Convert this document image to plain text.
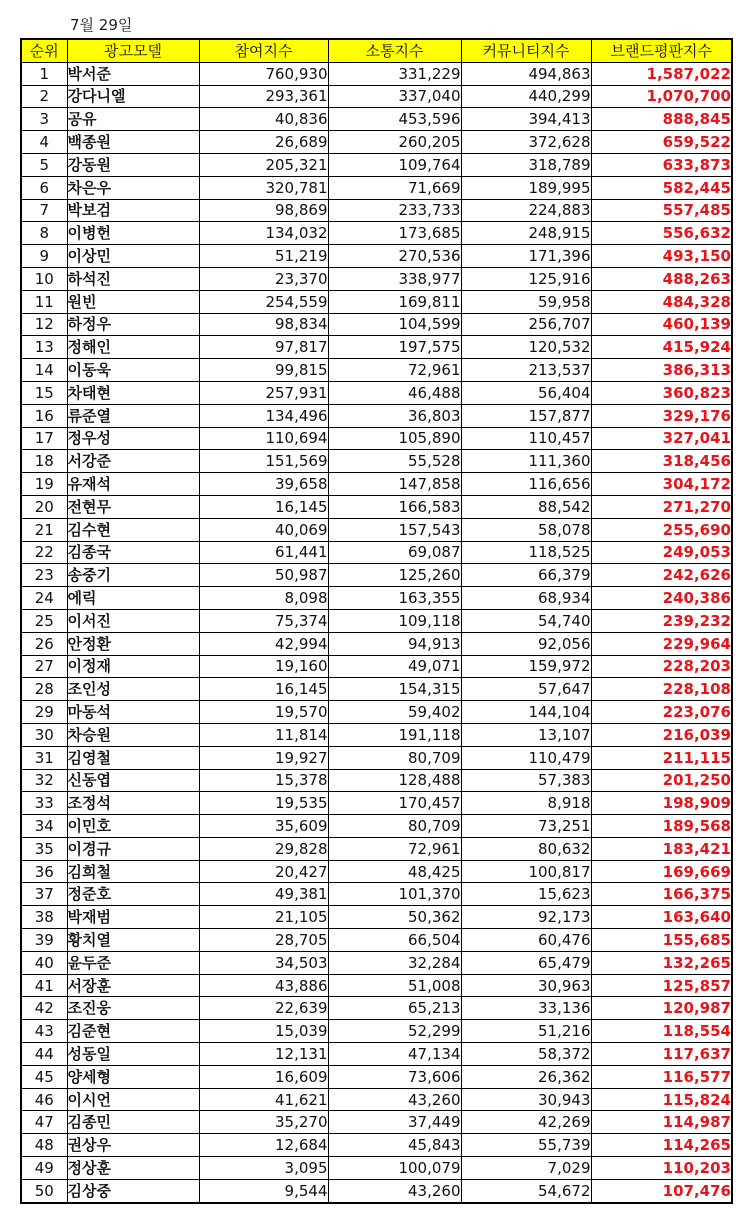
7월 29일
순위	광고모델	참여지수	소통지수	커뮤니티지수	브랜드평판지수
1	박서준	760,930	331,229	494,863	1,587,022
2	강다니엘	293,361	337,040	440,299	1,070,700
3	공유	40,836	453,596	394,413	888,845
4	백종원	26,689	260,205	372,628	659,522
5	강동원	205,321	109,764	318,789	633,873
6	차은우	320,781	71,669	189,995	582,445
7	박보검	98,869	233,733	224,883	557,485
8	이병헌	134,032	173,685	248,915	556,632
9	이상민	51,219	270,536	171,396	493,150
10	하석진	23,370	338,977	125,916	488,263
11	원빈	254,559	169,811	59,958	484,328
12	하정우	98,834	104,599	256,707	460,139
13	정해인	97,817	197,575	120,532	415,924
14	이동욱	99,815	72,961	213,537	386,313
15	차태현	257,931	46,488	56,404	360,823
16	류준열	134,496	36,803	157,877	329,176
17	정우성	110,694	105,890	110,457	327,041
18	서강준	151,569	55,528	111,360	318,456
19	유재석	39,658	147,858	116,656	304,172
20	전현무	16,145	166,583	88,542	271,270
21	김수현	40,069	157,543	58,078	255,690
22	김종국	61,441	69,087	118,525	249,053
23	송중기	50,987	125,260	66,379	242,626
24	에릭	8,098	163,355	68,934	240,386
25	이서진	75,374	109,118	54,740	239,232
26	안정환	42,994	94,913	92,056	229,964
27	이정재	19,160	49,071	159,972	228,203
28	조인성	16,145	154,315	57,647	228,108
29	마동석	19,570	59,402	144,104	223,076
30	차승원	11,814	191,118	13,107	216,039
31	김영철	19,927	80,709	110,479	211,115
32	신동엽	15,378	128,488	57,383	201,250
33	조정석	19,535	170,457	8,918	198,909
34	이민호	35,609	80,709	73,251	189,568
35	이경규	29,828	72,961	80,632	183,421
36	김희철	20,427	48,425	100,817	169,669
37	정준호	49,381	101,370	15,623	166,375
38	박재범	21,105	50,362	92,173	163,640
39	황치열	28,705	66,504	60,476	155,685
40	윤두준	34,503	32,284	65,479	132,265
41	서장훈	43,886	51,008	30,963	125,857
42	조진웅	22,639	65,213	33,136	120,987
43	김준현	15,039	52,299	51,216	118,554
44	성동일	12,131	47,134	58,372	117,637
45	양세형	16,609	73,606	26,362	116,577
46	이시언	41,621	43,260	30,943	115,824
47	김종민	35,270	37,449	42,269	114,987
48	권상우	12,684	45,843	55,739	114,265
49	정상훈	3,095	100,079	7,029	110,203
50	김상중	9,544	43,260	54,672	107,476
